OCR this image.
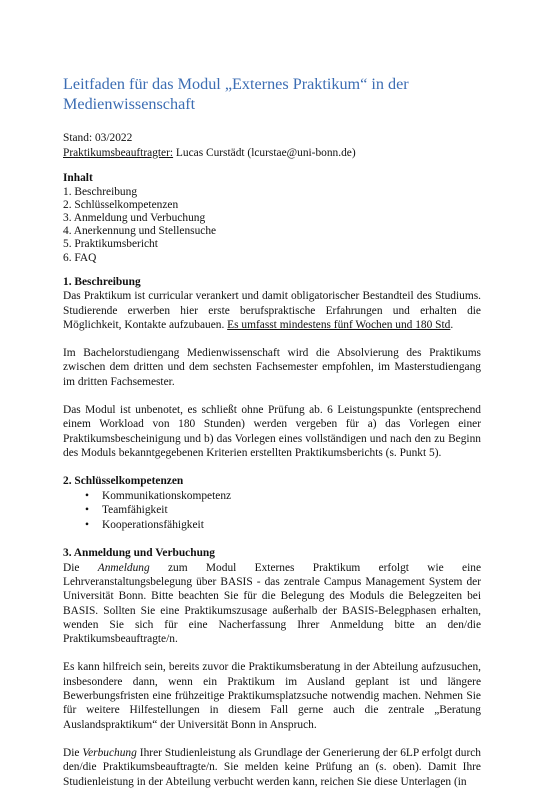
Leitfaden für das Modul „Externes Praktikum“ in der Medienwissenschaft
Stand: 03/2022
Praktikumsbeauftragter: Lucas Curstädt (lcurstae@uni-bonn.de)
Inhalt
1. Beschreibung
2. Schlüsselkompetenzen
3. Anmeldung und Verbuchung
4. Anerkennung und Stellensuche
5. Praktikumsbericht
6. FAQ
1. Beschreibung

Das Praktikum ist curricular verankert und damit obligatorischer Bestandteil des Studiums. Studierende erwerben hier erste berufspraktische Erfahrungen und erhalten die Möglichkeit, Kontakte aufzubauen. Es umfasst mindestens fünf Wochen und 180 Std.

Im Bachelorstudiengang Medienwissenschaft wird die Absolvierung des Praktikums zwischen dem dritten und dem sechsten Fachsemester empfohlen, im Masterstudiengang im dritten Fachsemester.

Das Modul ist unbenotet, es schließt ohne Prüfung ab. 6 Leistungspunkte (entsprechend einem Workload von 180 Stunden) werden vergeben für a) das Vorlegen einer Praktikumsbescheinigung und b) das Vorlegen eines vollständigen und nach den zu Beginn des Moduls bekanntgegebenen Kriterien erstellten Praktikumsberichts (s. Punkt 5).

2. Schlüsselkompetenzen
• Kommunikationskompetenz
• Teamfähigkeit
• Kooperationsfähigkeit
3. Anmeldung und Verbuchung

Die Anmeldung zum Modul Externes Praktikum erfolgt wie eine Lehrveranstaltungsbelegung über BASIS - das zentrale Campus Management System der Universität Bonn. Bitte beachten Sie für die Belegung des Moduls die Belegzeiten bei BASIS. Sollten Sie eine Praktikumszusage außerhalb der BASIS-Belegphasen erhalten, wenden Sie sich für eine Nacherfassung Ihrer Anmeldung bitte an den/die Praktikumsbeauftragte/n.

Es kann hilfreich sein, bereits zuvor die Praktikumsberatung in der Abteilung aufzusuchen, insbesondere dann, wenn ein Praktikum im Ausland geplant ist und längere Bewerbungsfristen eine frühzeitige Praktikumsplatzsuche notwendig machen. Nehmen Sie für weitere Hilfestellungen in diesem Fall gerne auch die zentrale „Beratung Auslandspraktikum“ der Universität Bonn in Anspruch.

Die Verbuchung Ihrer Studienleistung als Grundlage der Generierung der 6LP erfolgt durch den/die Praktikumsbeauftragte/n. Sie melden keine Prüfung an (s. oben). Damit Ihre Studienleistung in der Abteilung verbucht werden kann, reichen Sie diese Unterlagen (in
